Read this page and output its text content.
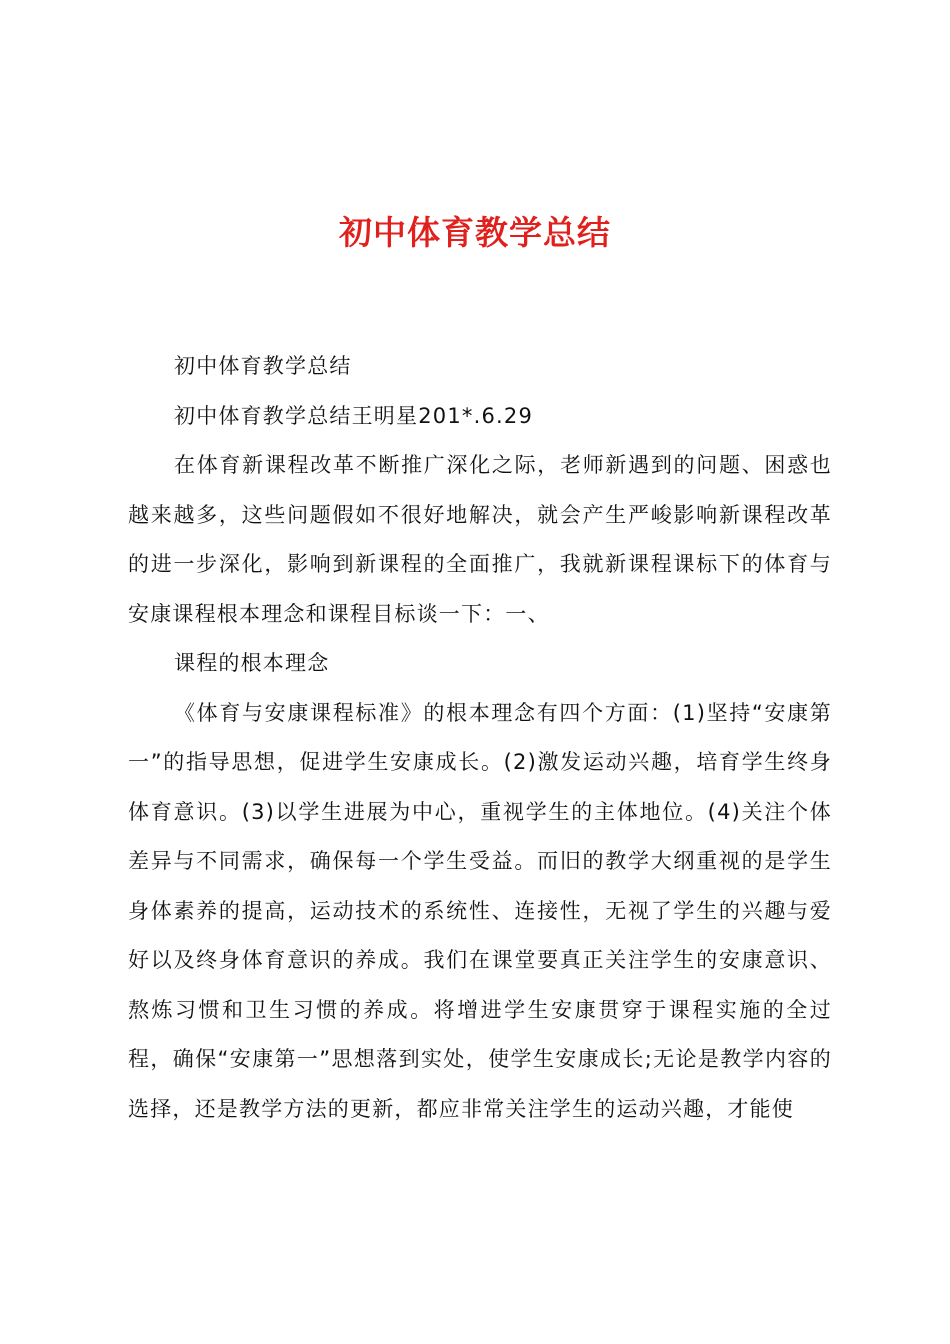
初中体育教学总结

初中体育教学总结

初中体育教学总结王明星201*.6.29

在体育新课程改革不断推广深化之际，老师新遇到的问题、困惑也越来越多，这些问题假如不很好地解决，就会产生严峻影响新课程改革的进一步深化，影响到新课程的全面推广，我就新课程课标下的体育与安康课程根本理念和课程目标谈一下：一、

课程的根本理念

《体育与安康课程标准》的根本理念有四个方面：(1)坚持“安康第一”的指导思想，促进学生安康成长。(2)激发运动兴趣，培育学生终身体育意识。(3)以学生进展为中心，重视学生的主体地位。(4)关注个体差异与不同需求，确保每一个学生受益。而旧的教学大纲重视的是学生身体素养的提高，运动技术的系统性、连接性，无视了学生的兴趣与爱好以及终身体育意识的养成。我们在课堂要真正关注学生的安康意识、熬炼习惯和卫生习惯的养成。将增进学生安康贯穿于课程实施的全过程，确保“安康第一”思想落到实处，使学生安康成长;无论是教学内容的选择，还是教学方法的更新，都应非常关注学生的运动兴趣，才能使
